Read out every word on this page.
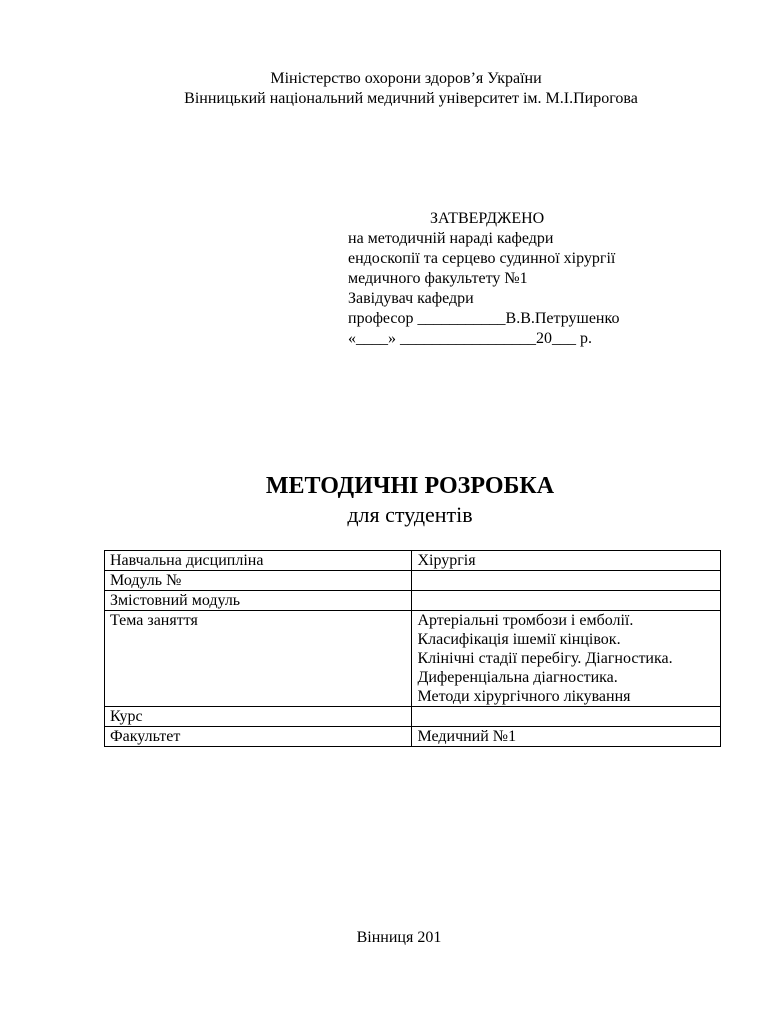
Міністерство охорони здоров’я України
Вінницький національний медичний університет ім. М.І.Пирогова
ЗАТВЕРДЖЕНО
на методичній нараді кафедри
ендоскопії та серцево судинної хірургії
медичного факультету №1
Завідувач кафедри
професор ___________В.В.Петрушенко
«____» _________________20___ р.
МЕТОДИЧНІ РОЗРОБКА
для студентів
Навчальна дисципліна	Хірургія
Модуль №	
Змістовний модуль	
Тема заняття	Артеріальні тромбози і емболії.
Класифікація ішемії кінцівок.
Клінічні стадії перебігу. Діагностика.
Диференціальна діагностика.
Методи хірургічного лікування

Курс	
Факультет	Медичний №1
Вінниця 201
